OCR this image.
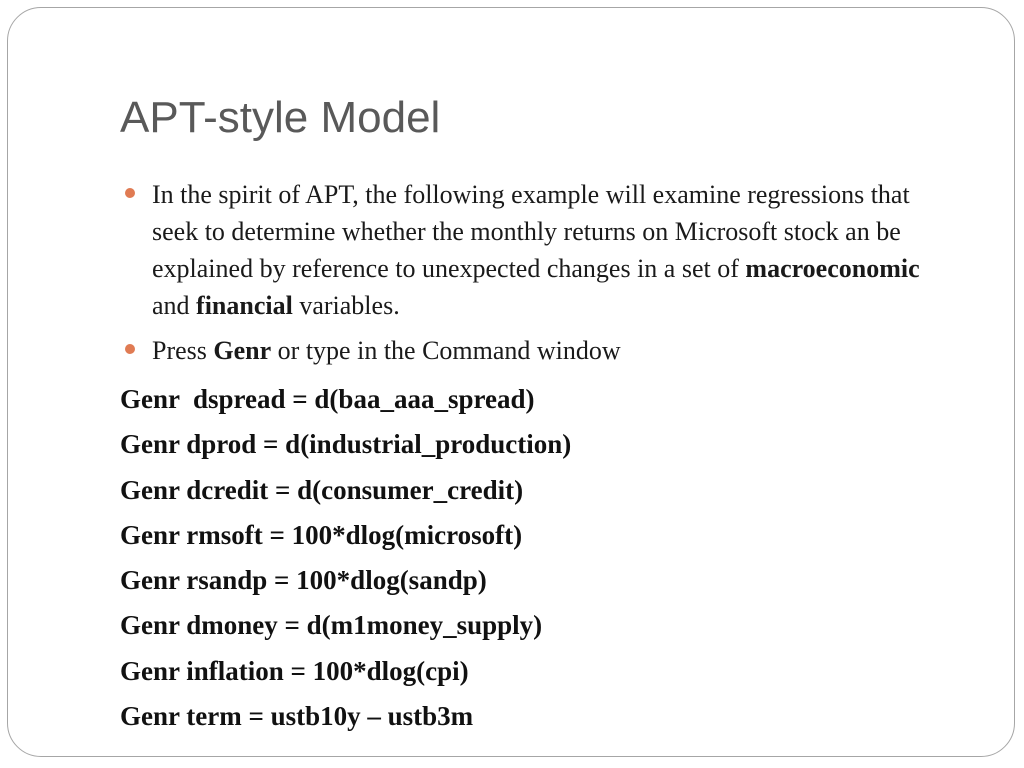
APT-style Model
In the spirit of APT, the following example will examine regressions that seek to determine whether the monthly returns on Microsoft stock an be explained by reference to unexpected changes in a set of macroeconomic and financial variables.
Press Genr or type in the Command window
Genr  dspread = d(baa_aaa_spread)
Genr dprod = d(industrial_production)
Genr dcredit = d(consumer_credit)
Genr rmsoft = 100*dlog(microsoft)
Genr rsandp = 100*dlog(sandp)
Genr dmoney = d(m1money_supply)
Genr inflation = 100*dlog(cpi)
Genr term = ustb10y – ustb3m
